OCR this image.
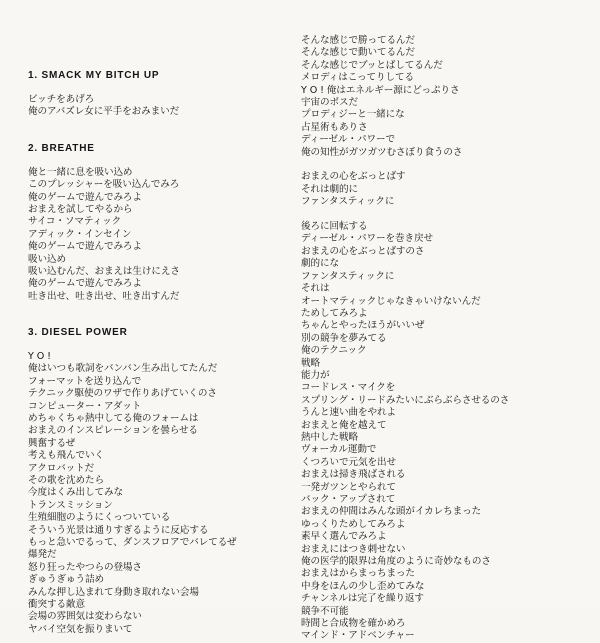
1. SMACK MY BITCH UP
ビッチをあげろ
俺のアバズレ女に平手をおみまいだ
2. BREATHE
俺と一緒に息を吸い込め
このプレッシャーを吸い込んでみろ
俺のゲームで遊んでみろよ
おまえを試してやるから
サイコ・ソマティック
アディック・インセイン
俺のゲームで遊んでみろよ
吸い込め
吸い込むんだ、おまえは生けにえさ
俺のゲームで遊んでみろよ
吐き出せ、吐き出せ、吐き出すんだ
3. DIESEL POWER
Y O !
俺はいつも歌詞をバンバン生み出してたんだ
フォーマットを送り込んで
テクニック駆使のワザで作りあげていくのさ
コンピューター・アダット
めちゃくちゃ熱中してる俺のフォームは
おまえのインスピレーションを曇らせる
興奮するぜ
考えも飛んでいく
アクロバットだ
その歌を沈めたら
今度はくみ出してみな
トランスミッション
生殖細胞のようにくっついている
そういう光景は通りすぎるように反応する
もっと急いでるって、ダンスフロアでバレてるぜ
爆発だ
怒り狂ったやつらの登場さ
ぎゅうぎゅう詰め
みんな押し込まれて身動き取れない会場
衝突する敵意
会場の雰囲気は変わらない
ヤバイ空気を振りまいて
そんな感じで勝ってるんだ
そんな感じで動いてるんだ
そんな感じでブッとばしてるんだ
メロディはこってりしてる
Y O ! 俺はエネルギー源にどっぷりさ
宇宙のボスだ
プロディジーと一緒にな
占星術もありさ
ディーゼル・パワーで
俺の知性がガツガツむさぼり食うのさ
おまえの心をぶっとばす
それは劇的に
ファンタスティックに
後ろに回転する
ディーゼル・パワーを巻き戻せ
おまえの心をぶっとばすのさ
劇的にな
ファンタスティックに
それは
オートマティックじゃなきゃいけないんだ
ためしてみろよ
ちゃんとやったほうがいいぜ
別の競争を夢みてる
俺のテクニック
戦略
能力が
コードレス・マイクを
スプリング・リードみたいにぶらぶらさせるのさ
うんと速い曲をやれよ
おまえと俺を越えて
熱中した戦略
ヴォーカル運動で
くつろいで元気を出せ
おまえは掃き飛ばされる
一発ガツンとやられて
バック・アップされて
おまえの仲間はみんな頭がイカレちまった
ゆっくりためしてみろよ
素早く選んでみろよ
おまえにはつき刺せない
俺の医学的限界は角度のように奇妙なものさ
おまえはからまっちまった
中身をほんの少し歪めてみな
チャンネルは完了を繰り返す
競争不可能
時間と合成物を確かめろ
マインド・アドベンチャー
